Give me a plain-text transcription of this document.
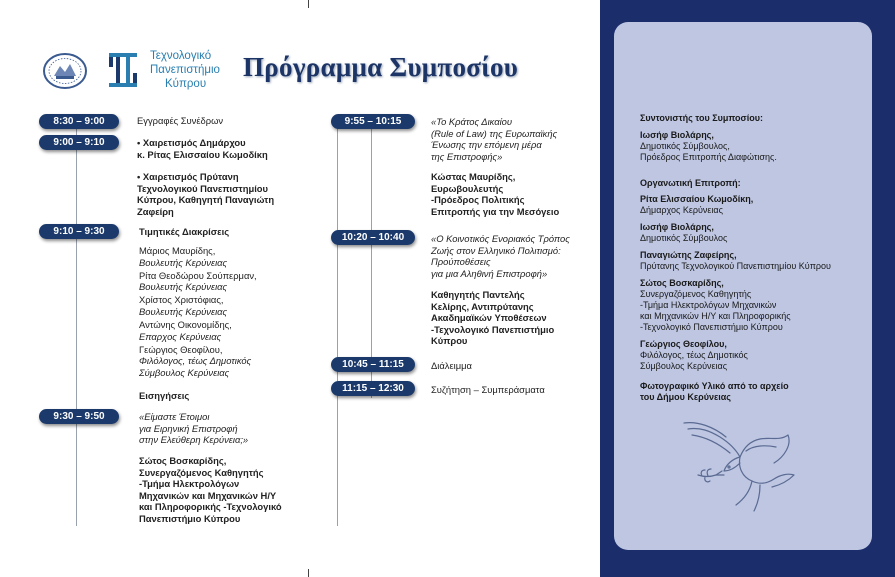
Τεχνολογικό
Πανεπιστήμιο
Κύπρου
Πρόγραμμα Συμποσίου
8:30 – 9:00	Εγγραφές Συνέδρων
9:00 – 9:10	• Χαιρετισμός Δημάρχου
κ. Ρίτας Ελισσαίου Κωμοδίκη
• Χαιρετισμός Πρύτανη
Τεχνολογικού Πανεπιστημίου
Κύπρου, Καθηγητή Παναγιώτη
Ζαφείρη
9:10 – 9:30	Τιμητικές Διακρίσεις
Μάριος Μαυρίδης,
Βουλευτής Κερύνειας
Ρίτα Θεοδώρου Σούπερμαν,
Βουλευτής Κερύνειας
Χρίστος Χριστόφιας,
Βουλευτής Κερύνειας
Αντώνης Οικονομίδης,
Επαρχος Κερύνειας
Γεώργιος Θεοφίλου,
Φιλόλογος, τέως Δημοτικός
Σύμβουλος Κερύνειας
Εισηγήσεις
9:30 – 9:50	«Είμαστε Έτοιμοι
για Ειρηνική Επιστροφή
στην Ελεύθερη Κερύνεια;»
Σώτος Βοσκαρίδης,
Συνεργαζόμενος Καθηγητής
-Τμήμα Ηλεκτρολόγων
Μηχανικών και Μηχανικών Η/Υ
και Πληροφορικής -Τεχνολογικό
Πανεπιστήμιο Κύπρου
9:55 – 10:15	«Το Κράτος Δικαίου
(Rule of Law) της Ευρωπαϊκής
Ένωσης την επόμενη μέρα
της Επιστροφής»
Κώστας Μαυρίδης,
Ευρωβουλευτής
-Πρόεδρος Πολιτικής
Επιτροπής για την Μεσόγειο
10:20 – 10:40	«Ο Κοινοτικός Ενοριακός Τρόπος
Ζωής στον Ελληνικό Πολιτισμό:
Προύποθέσεις
για μια Αληθινή Επιστροφή»
Καθηγητής Παντελής
Κελίρης, Αντιπρύτανης
Ακαδημαϊκών Υποθέσεων
-Τεχνολογικό Πανεπιστήμιο
Κύπρου
10:45 – 11:15	Διάλειμμα
11:15 – 12:30	Συζήτηση – Συμπεράσματα
Συντονιστής του Συμποσίου:
Ιωσήφ Βιολάρης,
Δημοτικός Σύμβουλος,
Πρόεδρος Επιτροπής Διαφώτισης.
Οργανωτική Επιτροπή:
Ρίτα Ελισσαίου Κωμοδίκη,
Δήμαρχος Κερύνειας
Ιωσήφ Βιολάρης,
Δημοτικός Σύμβουλος
Παναγιώτης Ζαφείρης,
Πρύτανης Τεχνολογικού Πανεπιστημίου Κύπρου
Σώτος Βοσκαρίδης,
Συνεργαζόμενος Καθηγητής
-Τμήμα Ηλεκτρολόγων Μηχανικών
και Μηχανικών Η/Υ και Πληροφορικής
-Τεχνολογικό Πανεπιστήμιο Κύπρου
Γεώργιος Θεοφίλου,
Φιλόλογος, τέως Δημοτικός
Σύμβουλος Κερύνειας
Φωτογραφικό Υλικό από το αρχείο
του Δήμου Κερύνειας
